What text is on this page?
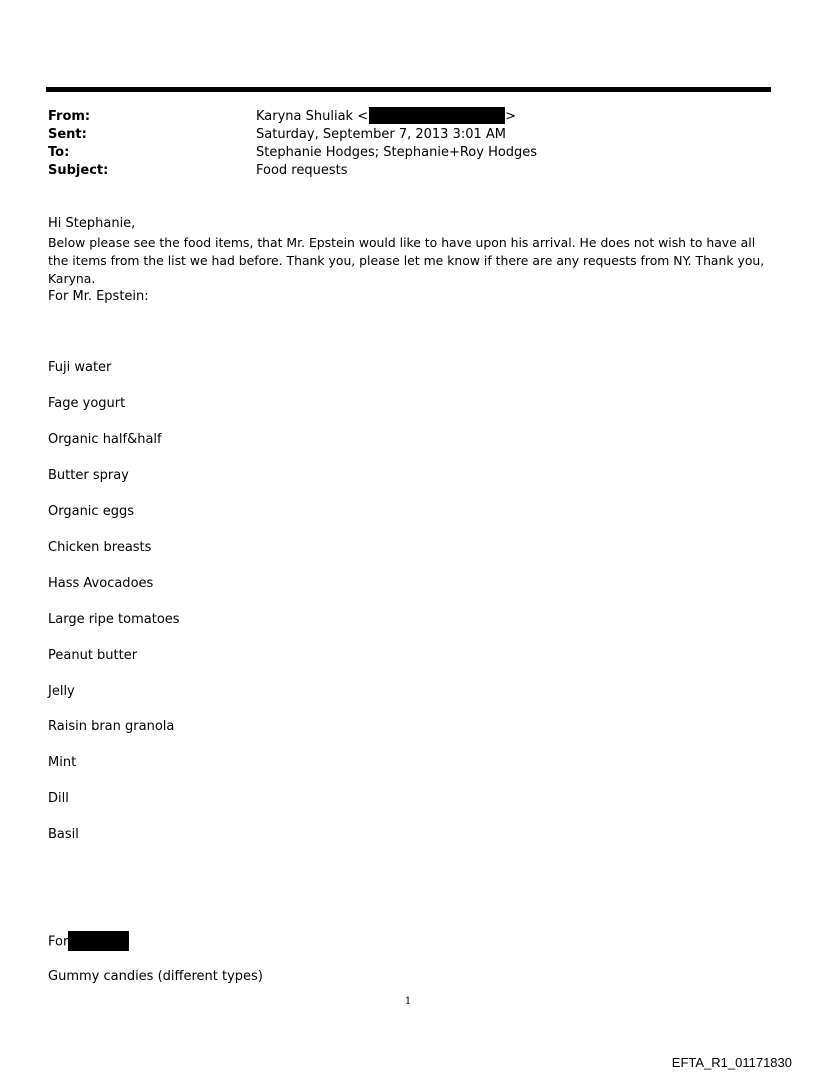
From:	Karyna Shuliak <	>
Sent:	Saturday, September 7, 2013 3:01 AM
To:	Stephanie Hodges; Stephanie+Roy Hodges
Subject:	Food requests
Hi Stephanie,
Below please see the food items, that Mr. Epstein would like to have upon his arrival. He does not wish to have all the items from the list we had before. Thank you, please let me know if there are any requests from NY. Thank you, Karyna.
For Mr. Epstein:
Fuji water
Fage yogurt
Organic half&half
Butter spray
Organic eggs
Chicken breasts
Hass Avocadoes
Large ripe tomatoes
Peanut butter
Jelly
Raisin bran granola
Mint
Dill
Basil
For
Gummy candies (different types)
1
EFTA_R1_01171830
